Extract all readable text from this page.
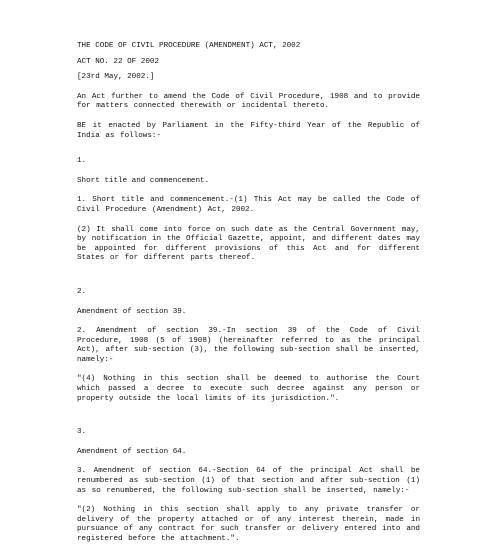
THE CODE OF CIVIL PROCEDURE (AMENDMENT) ACT, 2002
ACT NO. 22 OF 2002
[23rd May, 2002.]
An Act further to amend the Code of Civil Procedure, 1908 and to provide for matters connected therewith or incidental thereto.
BE it enacted by Parliament in the Fifty-third Year of the Republic of India as follows:-
1.
Short title and commencement.
1. Short title and commencement.-(1) This Act may be called the Code of Civil Procedure (Amendment) Act, 2002.
(2) It shall come into force on such date as the Central Government may, by notification in the Official Gazette, appoint, and different dates may be appointed for different provisions of this Act and for different States or for different parts thereof.
2.
Amendment of section 39.
2. Amendment of section 39.-In section 39 of the Code of Civil Procedure, 1908 (5 of 1908) (hereinafter referred to as the principal Act), after sub-section (3), the following sub-section shall be inserted, namely:-
"(4) Nothing in this section shall be deemed to authorise the Court which passed a decree to execute such decree against any person or property outside the local limits of its jurisdiction.".
3.
Amendment of section 64.
3. Amendment of section 64.-Section 64 of the principal Act shall be renumbered as sub-section (1) of that section and after sub-section (1) as so renumbered, the following sub-section shall be inserted, namely:-
"(2) Nothing in this section shall apply to any private transfer or delivery of the property attached or of any interest therein, made in pursuance of any contract for such transfer or delivery entered into and registered before the attachment.".
